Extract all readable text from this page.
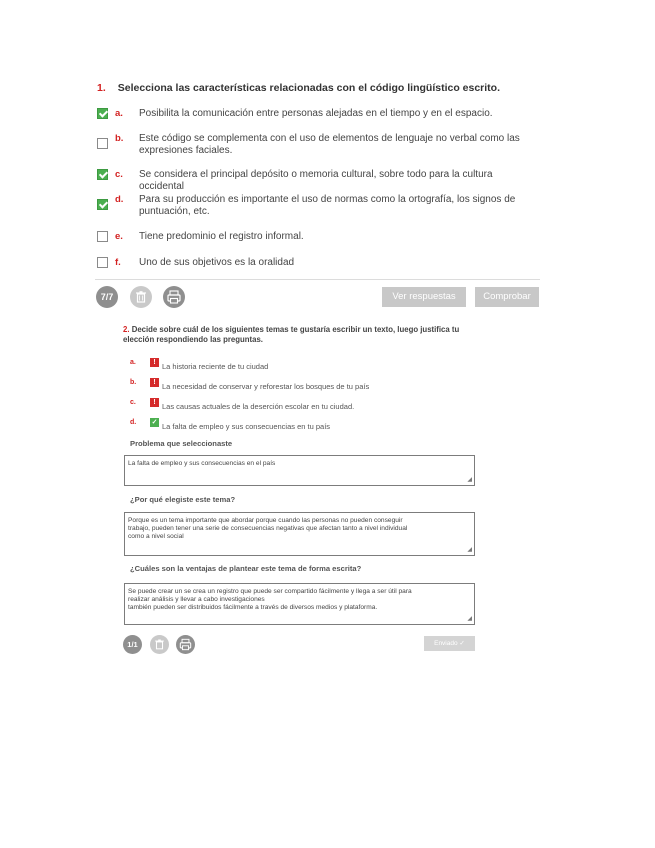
1. Selecciona las características relacionadas con el código lingüístico escrito.
a. Posibilita la comunicación entre personas alejadas en el tiempo y en el espacio.
b. Este código se complementa con el uso de elementos de lenguaje no verbal como las expresiones faciales.
c. Se considera el principal depósito o memoria cultural, sobre todo para la cultura occidental
d. Para su producción es importante el uso de normas como la ortografía, los signos de puntuación, etc.
e. Tiene predominio el registro informal.
f. Uno de sus objetivos es la oralidad
7/7	Ver respuestas	Comprobar
2. Decide sobre cuál de los siguientes temas te gustaría escribir un texto, luego justifica tu elección respondiendo las preguntas.
a.	! La historia reciente de tu ciudad
b.	! La necesidad de conservar y reforestar los bosques de tu país
c.	! Las causas actuales de la deserción escolar en tu ciudad.
d. ✓ La falta de empleo y sus consecuencias en tu país
Problema que seleccionaste
La falta de empleo y sus consecuencias en el país
◢
¿Por qué elegiste este tema?
Porque es un tema importante que abordar porque cuando las personas no pueden conseguir
trabajo, pueden tener una serie de consecuencias negativas que afectan tanto a nivel individual
como a nivel social
◢
¿Cuáles son la ventajas de plantear este tema de forma escrita?
Se puede crear un se crea un registro que puede ser compartido fácilmente y llega a ser útil para
realizar análisis y llevar a cabo investigaciones
también pueden ser distribuidos fácilmente a través de diversos medios y plataforma.
◢
1/1	Enviado ✓
